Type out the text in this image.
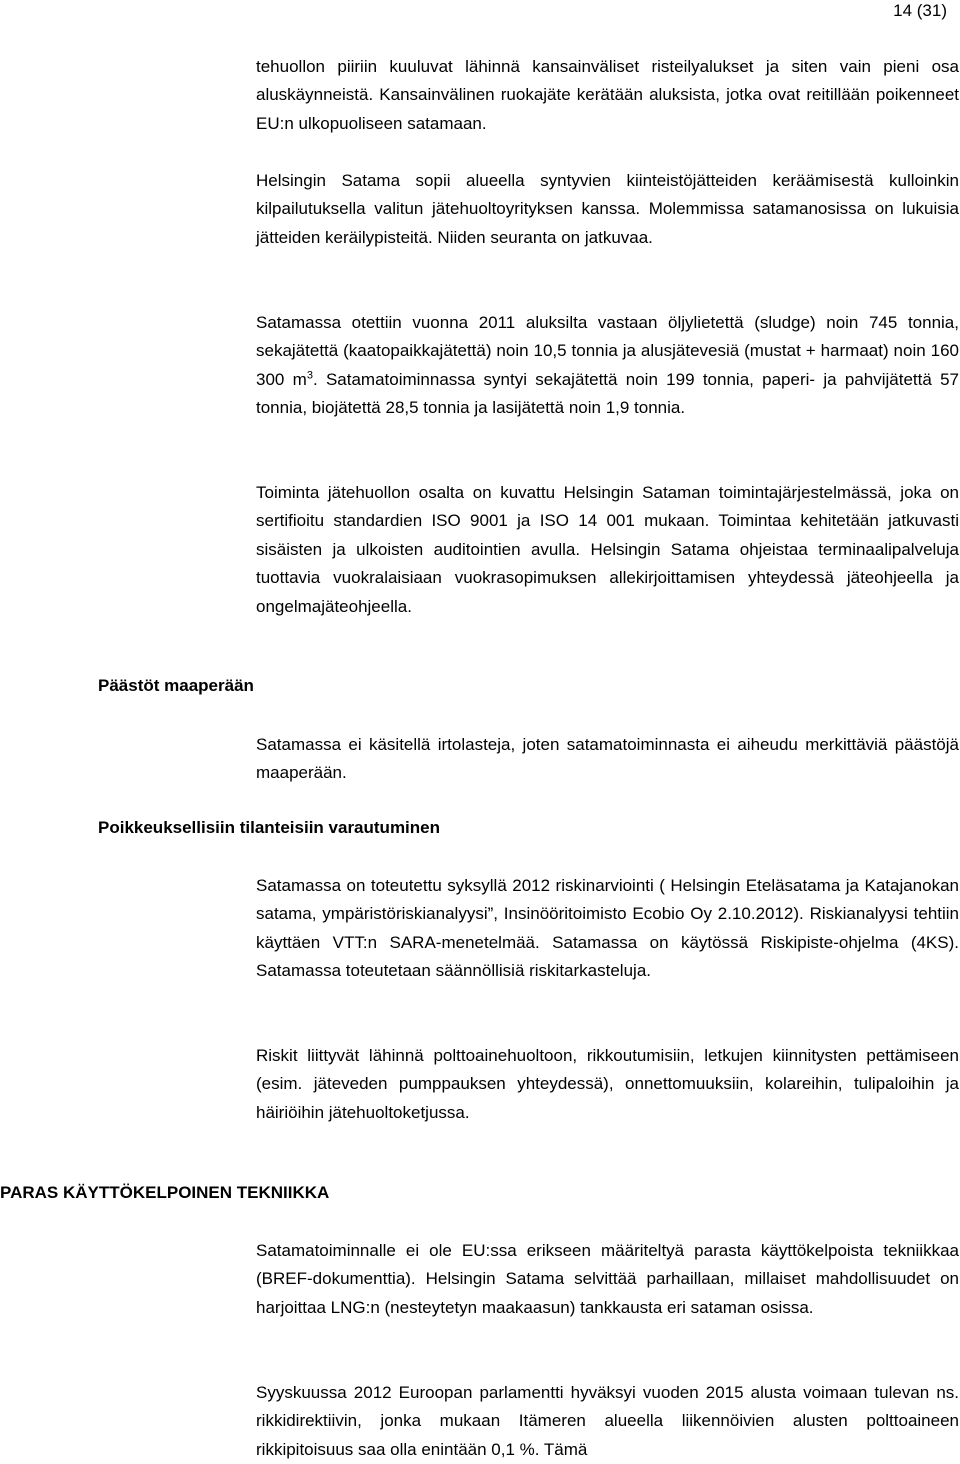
14 (31)

tehuollon piiriin kuuluvat lähinnä kansainväliset risteilyalukset ja siten vain pieni osa aluskäynneistä. Kansainvälinen ruokajäte kerätään aluksista, jotka ovat reitillään poikenneet EU:n ulkopuoliseen satamaan.

Helsingin Satama sopii alueella syntyvien kiinteistöjätteiden keräämisestä kulloinkin kilpailutuksella valitun jätehuoltoyrityksen kanssa. Molemmissa satamanosissa on lukuisia jätteiden keräilypisteitä. Niiden seuranta on jatkuvaa.

Satamassa otettiin vuonna 2011 aluksilta vastaan öljylietettä (sludge) noin 745 tonnia, sekajätettä (kaatopaikkajätettä) noin 10,5 tonnia ja alusjätevesiä (mustat + harmaat) noin 160 300 $m^3$. Satamatoiminnassa syntyi sekajätettä noin 199 tonnia, paperi- ja pahvijätettä 57 tonnia, biojätettä 28,5 tonnia ja lasijätettä noin 1,9 tonnia.

Toiminta jätehuollon osalta on kuvattu Helsingin Sataman toimintajärjestelmässä, joka on sertifioitu standardien ISO 9001 ja ISO 14 001 mukaan. Toimintaa kehitetään jatkuvasti sisäisten ja ulkoisten auditointien avulla. Helsingin Satama ohjeistaa terminaalipalveluja tuottavia vuokralaisiaan vuokrasopimuksen allekirjoittamisen yhteydessä jäteohjeella ja ongelmajäteohjeella.

Päästöt maaperään

Satamassa ei käsitellä irtolasteja, joten satamatoiminnasta ei aiheudu merkittäviä päästöjä maaperään.

Poikkeuksellisiin tilanteisiin varautuminen

Satamassa on toteutettu syksyllä 2012 riskinarviointi ( Helsingin Eteläsatama ja Katajanokan satama, ympäristöriskianalyysi”, Insinööritoimisto Ecobio Oy 2.10.2012). Riskianalyysi tehtiin käyttäen VTT:n SARA-menetelmää. Satamassa on käytössä Riskipiste-ohjelma (4KS). Satamassa toteutetaan säännöllisiä riskitarkasteluja.

Riskit liittyvät lähinnä polttoainehuoltoon, rikkoutumisiin, letkujen kiinnitysten pettämiseen (esim. jäteveden pumppauksen yhteydessä), onnettomuuksiin, kolareihin, tulipaloihin ja häiriöihin jätehuoltoketjussa.

PARAS KÄYTTÖKELPOINEN TEKNIIKKA

Satamatoiminnalle ei ole EU:ssa erikseen määriteltyä parasta käyttökelpoista tekniikkaa (BREF-dokumenttia). Helsingin Satama selvittää parhaillaan, millaiset mahdollisuudet on harjoittaa LNG:n (nesteytetyn maakaasun) tankkausta eri sataman osissa.

Syyskuussa 2012 Euroopan parlamentti hyväksyi vuoden 2015 alusta voimaan tulevan ns. rikkidirektiivin, jonka mukaan Itämeren alueella liikennöivien alusten polttoaineen rikkipitoisuus saa olla enintään 0,1 %. Tämä
